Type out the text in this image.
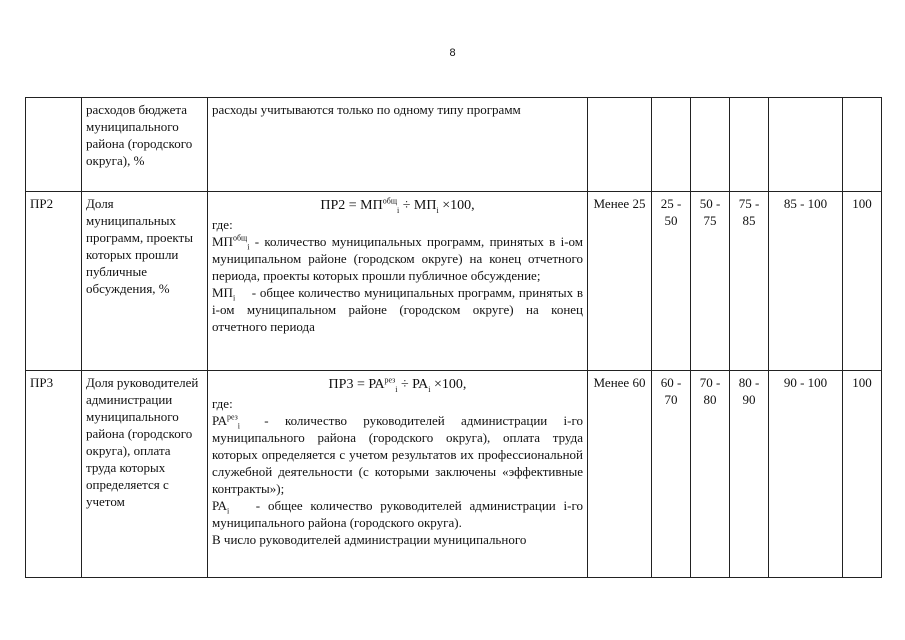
8
	расходов бюджета муниципального района (городского округа), %	расходы учитываются только по одному типу программ						

ПР2	Доля муниципальных программ, проекты которых прошли публичные обсуждения, %	$ПР2 = МП^{общ}_i \div МП_i \times 100$,

где:

$МП^{общ}_i$ - количество муниципальных программ, принятых в i-ом муниципальном районе (городском округе) на конец отчетного периода, проекты которых прошли публичное обсуждение;

$МП_i$ - общее количество муниципальных программ, принятых в i-ом муниципальном районе (городском округе) на конец отчетного периода	Менее 25	25 - 50	50 - 75	75 - 85	85 - 100	100
ПР3	Доля руководителей администрации муниципального района (городского округа), оплата труда которых определяется с учетом	$ПР3 = РА^{рез}_i \div РА_i \times 100$,

где:

$РА^{рез}_i$ - количество руководителей администрации i-го муниципального района (городского округа), оплата труда которых определяется с учетом результатов их профессиональной служебной деятельности (с которыми заключены «эффективные контракты»);

$РА_i$ - общее количество руководителей администрации i-го муниципального района (городского округа).

В число руководителей администрации муниципального	Менее 60	60 - 70	70 - 80	80 - 90	90 - 100	100
